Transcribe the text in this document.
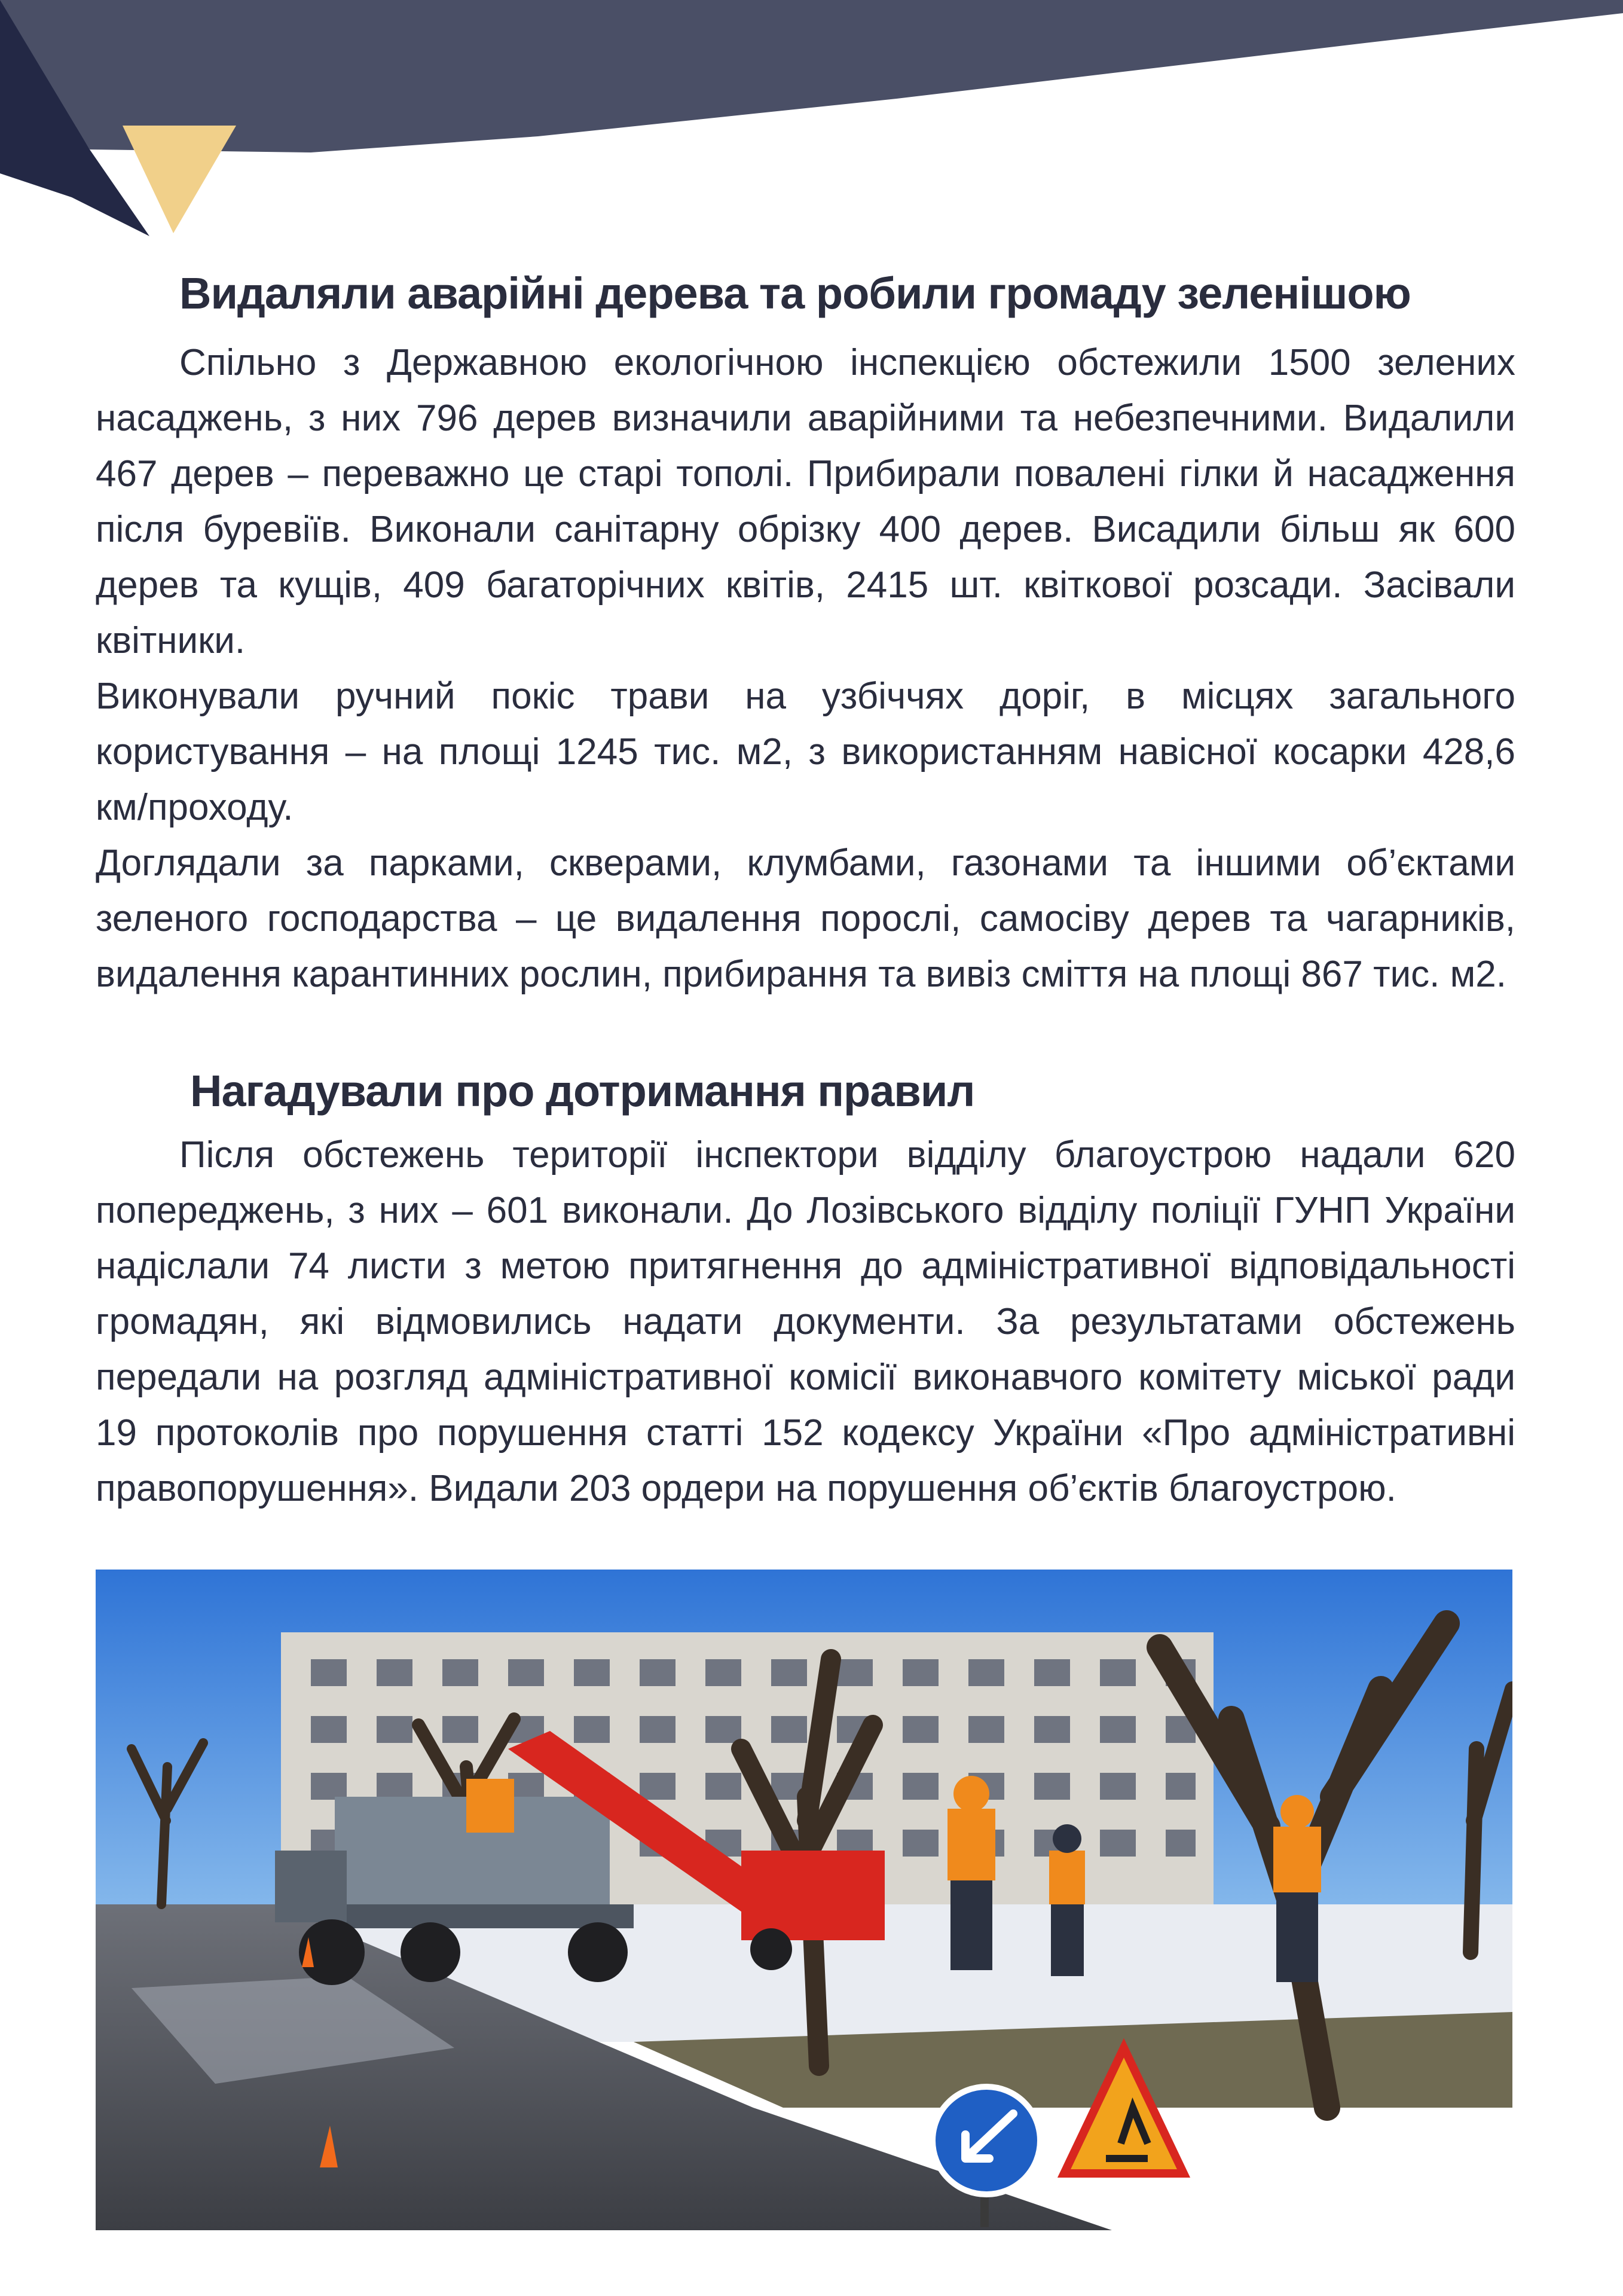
Видаляли аварійні дерева та робили громаду зеленішою

Спільно з Державною екологічною інспекцією обстежили 1500 зелених насаджень, з них 796 дерев визначили аварійними та небезпечними. Видалили 467 дерев – переважно це старі тополі. Прибирали повалені гілки й насадження після буревіїв. Виконали санітарну обрізку 400 дерев. Висадили більш як 600 дерев та кущів, 409 багаторічних квітів, 2415 шт. квіткової розсади. Засівали квітники.

Виконували ручний покіс трави на узбіччях доріг, в місцях загального користування – на площі 1245 тис. м2, з використанням навісної косарки 428,6 км/проходу.

Доглядали за парками, скверами, клумбами, газонами та іншими об’єктами зеленого господарства – це видалення порослі, самосіву дерев та чагарників, видалення карантинних рослин, прибирання та вивіз сміття на площі 867 тис. м2.

Нагадували про дотримання правил

Після обстежень території інспектори відділу благоустрою надали 620 попереджень, з них – 601 виконали. До Лозівського відділу поліції ГУНП України надіслали 74 листи з метою притягнення до адміністративної відповідальності громадян, які відмовились надати документи. За результатами обстежень передали на розгляд адміністративної комісії виконавчого комітету міської ради 19 протоколів про порушення статті 152 кодексу України «Про адміністративні правопорушення». Видали 203 ордери на порушення об’єктів благоустрою.
